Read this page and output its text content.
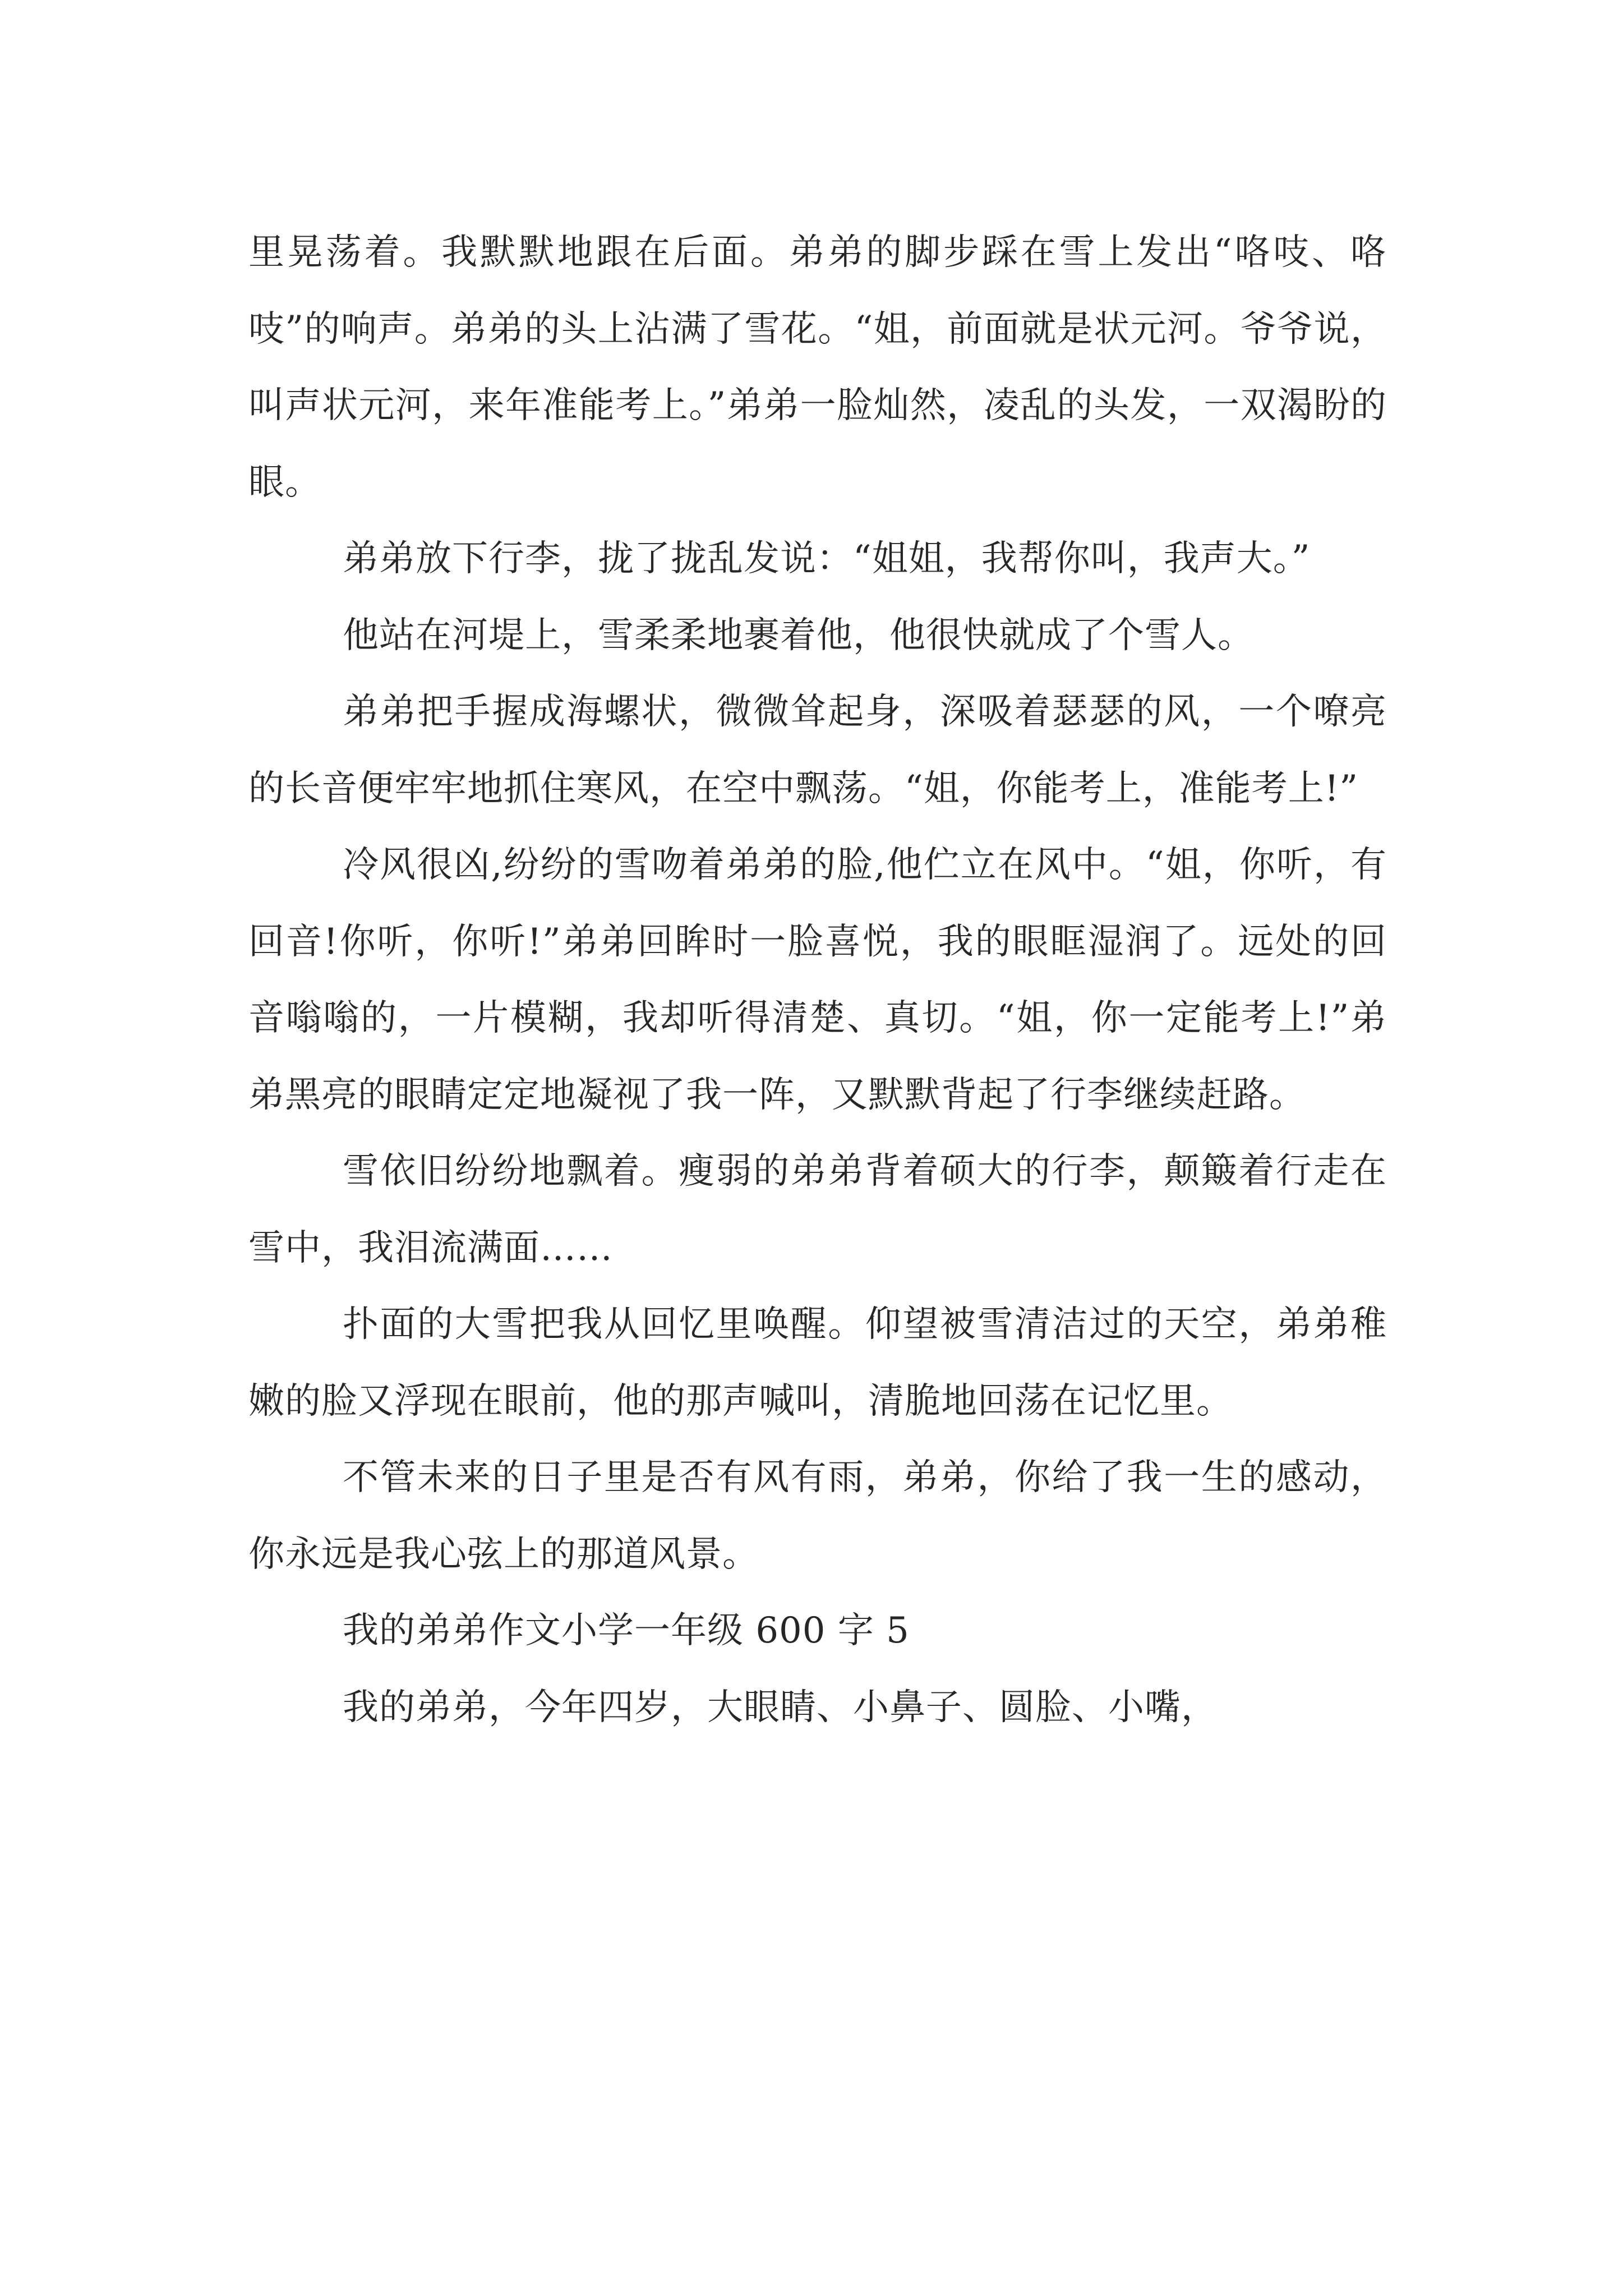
里晃荡着。我默默地跟在后面。弟弟的脚步踩在雪上发出“咯吱、咯吱”的响声。弟弟的头上沾满了雪花。“姐，前面就是状元河。爷爷说，叫声状元河，来年准能考上。”弟弟一脸灿然，凌乱的头发，一双渴盼的眼。

弟弟放下行李，拢了拢乱发说：“姐姐，我帮你叫，我声大。”

他站在河堤上，雪柔柔地裹着他，他很快就成了个雪人。

弟弟把手握成海螺状，微微耸起身，深吸着瑟瑟的风，一个嘹亮的长音便牢牢地抓住寒风，在空中飘荡。“姐，你能考上，准能考上!”

冷风很凶,纷纷的雪吻着弟弟的脸,他伫立在风中。“姐，你听，有回音!你听，你听!”弟弟回眸时一脸喜悦，我的眼眶湿润了。远处的回音嗡嗡的，一片模糊，我却听得清楚、真切。“姐，你一定能考上!”弟弟黑亮的眼睛定定地凝视了我一阵，又默默背起了行李继续赶路。

雪依旧纷纷地飘着。瘦弱的弟弟背着硕大的行李，颠簸着行走在雪中，我泪流满面……

扑面的大雪把我从回忆里唤醒。仰望被雪清洁过的天空，弟弟稚嫩的脸又浮现在眼前，他的那声喊叫，清脆地回荡在记忆里。

不管未来的日子里是否有风有雨，弟弟，你给了我一生的感动，你永远是我心弦上的那道风景。

我的弟弟作文小学一年级 600 字 5

我的弟弟，今年四岁，大眼睛、小鼻子、圆脸、小嘴，
